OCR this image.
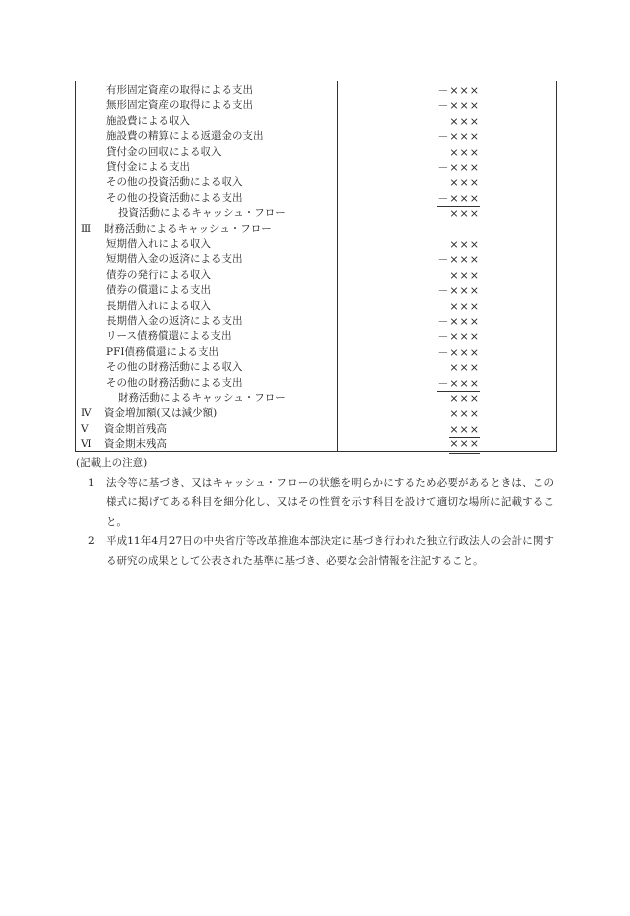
有形固定資産の取得による支出	－×××
無形固定資産の取得による支出	－×××
施設費による収入	×××
施設費の精算による返還金の支出	－×××
貸付金の回収による収入	×××
貸付金による支出	－×××
その他の投資活動による収入	×××
その他の投資活動による支出	－×××
投資活動によるキャッシュ・フロー	×××
Ⅲ 財務活動によるキャッシュ・フロー
短期借入れによる収入	×××
短期借入金の返済による支出	－×××
債券の発行による収入	×××
債券の償還による支出	－×××
長期借入れによる収入	×××
長期借入金の返済による支出	－×××
リース債務償還による支出	－×××
PFI債務償還による支出	－×××
その他の財務活動による収入	×××
その他の財務活動による支出	－×××
財務活動によるキャッシュ・フロー	×××
Ⅳ 資金増加額(又は減少額)	×××
Ⅴ 資金期首残高	×××
Ⅵ 資金期末残高	×××
(記載上の注意)
1 法令等に基づき、又はキャッシュ・フローの状態を明らかにするため必要があるときは、この様式に掲げてある科目を細分化し、又はその性質を示す科目を設けて適切な場所に記載すること。
2 平成11年4月27日の中央省庁等改革推進本部決定に基づき行われた独立行政法人の会計に関する研究の成果として公表された基準に基づき、必要な会計情報を注記すること。
